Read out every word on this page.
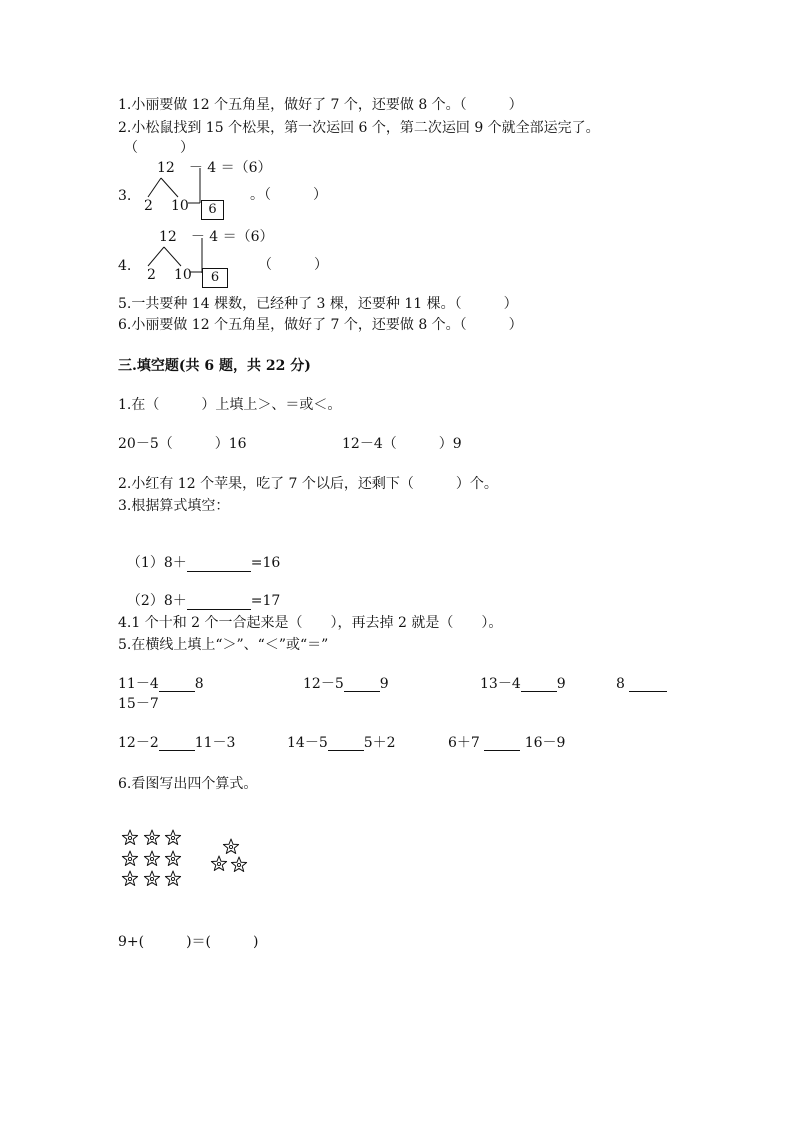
1.小丽要做 12 个五角星，做好了 7 个，还要做 8 个。（　　　）
2.小松鼠找到 15 个松果，第一次运回 6 个，第二次运回 9 个就全部运完了。
（　　　）
12　－ 4 ＝（6）
3.
2 10	6
。（　　　）
12　－ 4 ＝（6）
4.
2 10	6
（　　　）
5.一共要种 14 棵数，已经种了 3 棵，还要种 11 棵。（　　　）
6.小丽要做 12 个五角星，做好了 7 个，还要做 8 个。（　　　）
三.填空题(共 6 题，共 22 分)
1.在（　　　）上填上＞、＝或＜。
20－5（　　　）16	12－4（　　　）9
2.小红有 12 个苹果，吃了 7 个以后，还剩下（　　　）个。
3.根据算式填空：

（1）8＋	=16

（2）8＋	=17

4.1 个十和 2 个一合起来是（　　），再去掉 2 就是（　　）。
5.在横线上填上“＞”、“＜”或“＝”
11－4	8	12－5	9	13－4	9	8
15－7
12－2	11－3	14－5	5＋2	6＋7	16－9
6.看图写出四个算式。
9+(　　　)＝(　　　)
